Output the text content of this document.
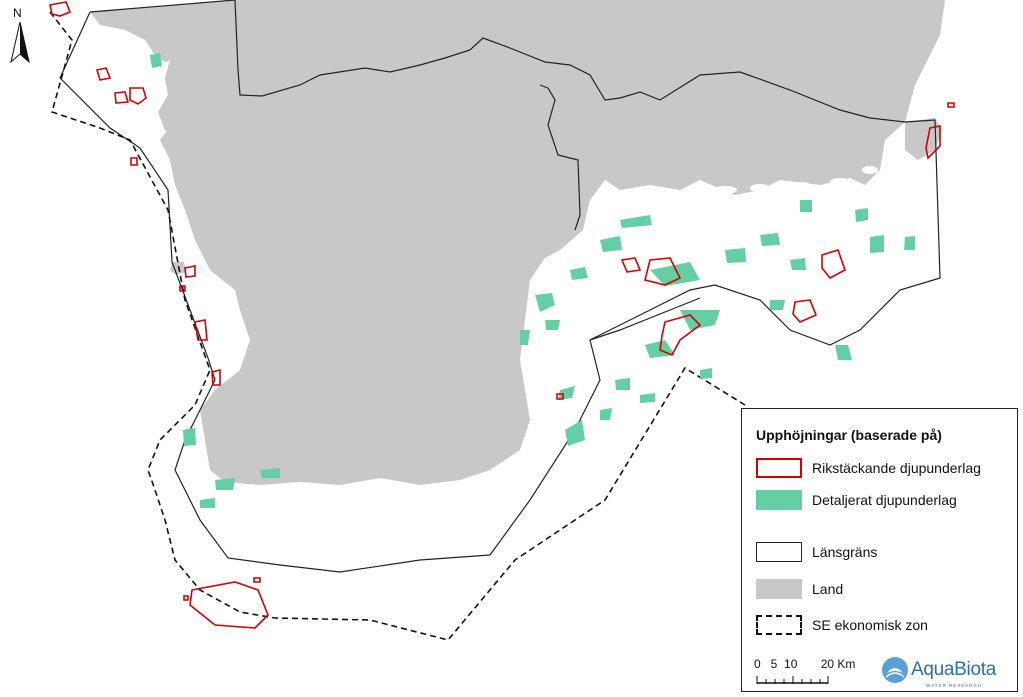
N
Upphöjningar (baserade på)
Rikstäckande djupunderlag
Detaljerat djupunderlag
Länsgräns
Land
SE ekonomisk zon
0   5  10       20 Km	AquaBiota
WATER RESEARCH
